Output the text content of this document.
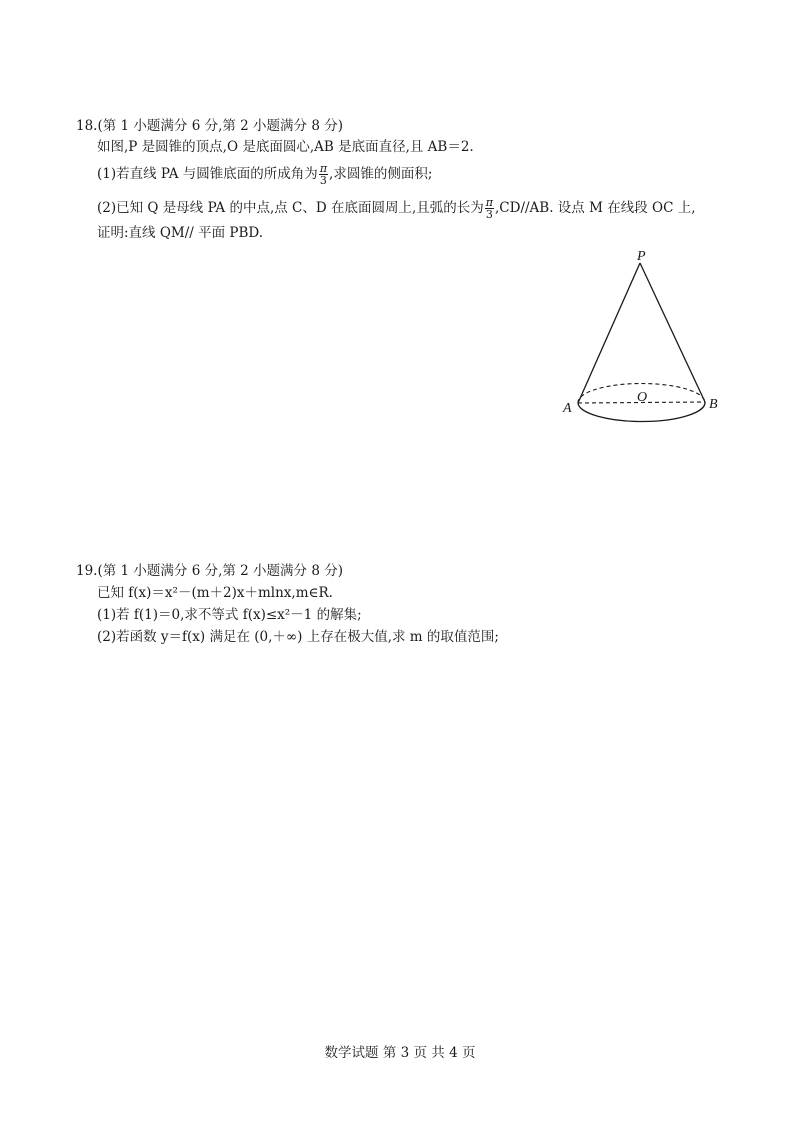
18.(第 1 小题满分 6 分,第 2 小题满分 8 分)
如图,P 是圆锥的顶点,O 是底面圆心,AB 是底面直径,且 AB＝2.
(1)若直线 PA 与圆锥底面的所成角为 $\frac{\pi}{3}$ ,求圆锥的侧面积;
(2)已知 Q 是母线 PA 的中点,点 C、D 在底面圆周上,且弧的长为 $\frac{\pi}{3} ,CD//AB$. 设点 M 在线段 OC 上,
证明:直线 QM// 平面 PBD.
P
O
A	B
19.(第 1 小题满分 6 分,第 2 小题满分 8 分)
已知 f(x)＝x²－(m＋2)x＋mlnx,m∈R.
(1)若 f(1)＝0,求不等式 f(x)≤x²－1 的解集;
(2)若函数 y＝f(x) 满足在 (0,＋∞) 上存在极大值,求 m 的取值范围;
数学试题 第 3 页 共 4 页
